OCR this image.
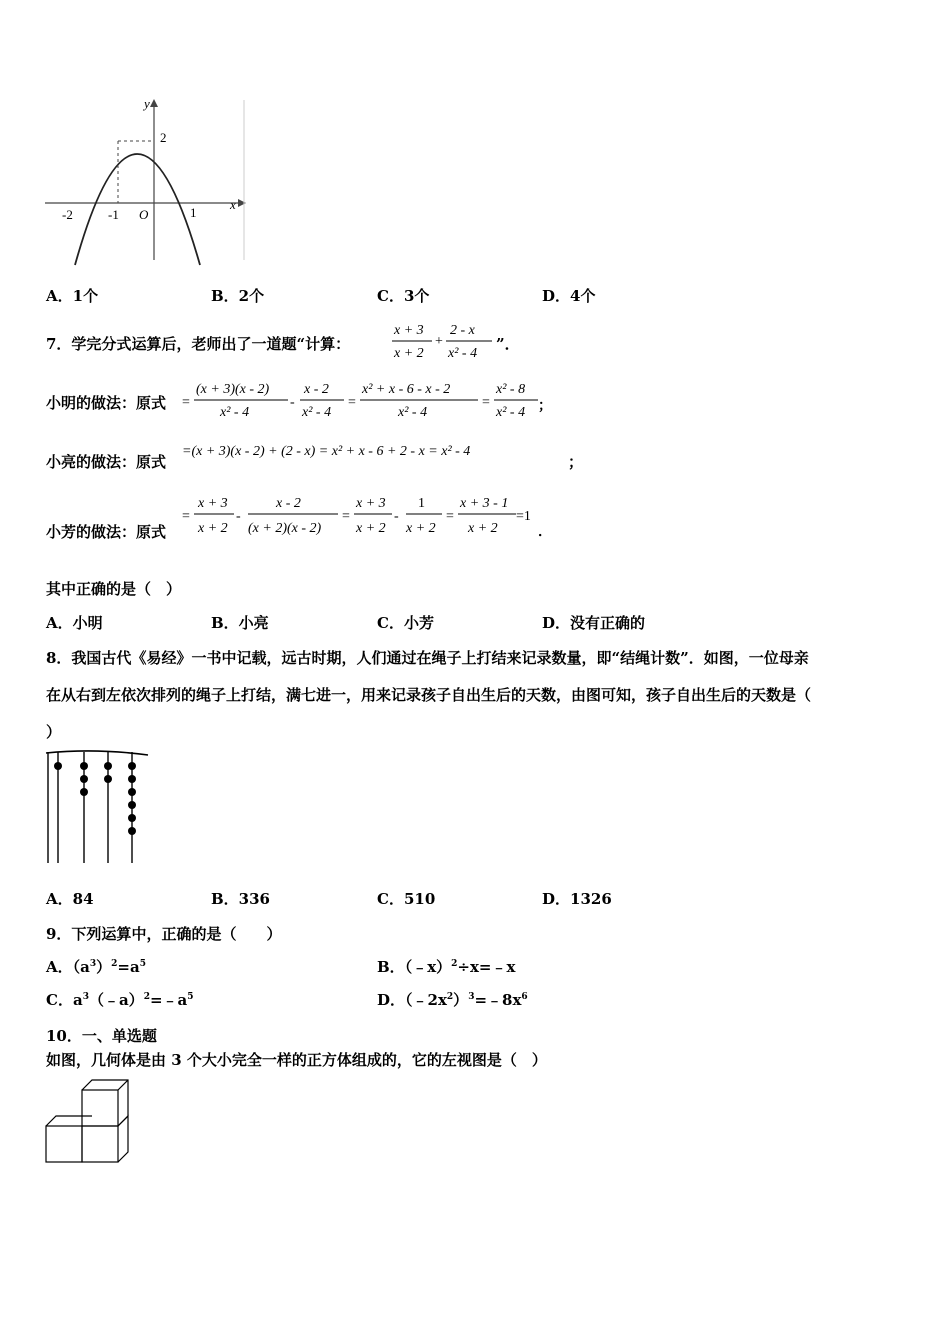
y
x
2
-2	-1 O	1
A．1个	B．2个	C．3个	D．4个
7．学完分式运算后，老师出了一道题“计算：
x + 3
x + 2
+
2 - x
x² - 4
”．
小明的做法：原式 =
(x + 3)(x - 2)
x² - 4
-
x - 2
x² - 4
=
x² + x - 6 - x - 2
x² - 4
=
x² - 8
x² - 4 ；
小亮的做法：原式
=(x + 3)(x - 2) + (2 - x) = x² + x - 6 + 2 - x = x² - 4
；
小芳的做法：原式
=
x + 3
x + 2
-
x - 2
(x + 2)(x - 2)
=
x + 3
x + 2
-
1
x + 2
=
x + 3 - 1
x + 2
=1
．
其中正确的是（　）
A．小明	B．小亮	C．小芳	D．没有正确的
8．我国古代《易经》一书中记载，远古时期，人们通过在绳子上打结来记录数量，即“结绳计数”．如图，一位母亲
在从右到左依次排列的绳子上打结，满七进一，用来记录孩子自出生后的天数，由图可知，孩子自出生后的天数是（
）
A．84	B．336	C．510	D．1326
9．下列运算中，正确的是（　　）
A．$(a^3)^2=a^5$	B．（﹣x）$^2$÷x=﹣x
C．$a^3(﹣a)^2=﹣a^5$	D．$(﹣2x^2)^3=﹣8x^6$
10．一、单选题
如图，几何体是由 3 个大小完全一样的正方体组成的，它的左视图是（　）
